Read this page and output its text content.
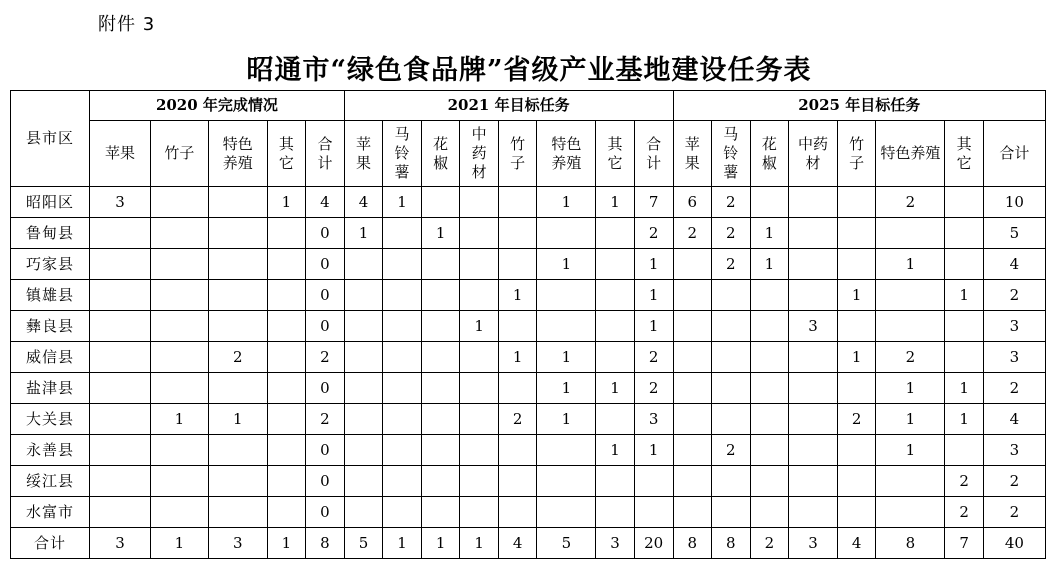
附件 3
昭通市“绿色食品牌”省级产业基地建设任务表
县市区	2020 年完成情况					2021 年目标任务								2025 年目标任务							
	苹果	竹子	特色养殖	其它	合计	苹果	马铃薯	花椒	中药材	竹子	特色养殖	其它	合计	苹果	马铃薯	花椒	中药材	竹子	特色养殖	其它	合计
昭阳区	3			1	4	4	1				1	1	7	6	2				2		10
鲁甸县					0	1		1					2	2	2	1					5
巧家县					0						1		1		2	1			1		4
镇雄县					0					1			1					1		1	2
彝良县					0				1				1				3				3
威信县			2		2					1	1		2					1	2		3
盐津县					0						1	1	2						1	1	2
大关县		1	1		2					2	1		3					2	1	1	4
永善县					0							1	1		2				1		3
绥江县					0															2	2
水富市					0															2	2
合计	3	1	3	1	8	5	1	1	1	4	5	3	20	8	8	2	3	4	8	7	40
